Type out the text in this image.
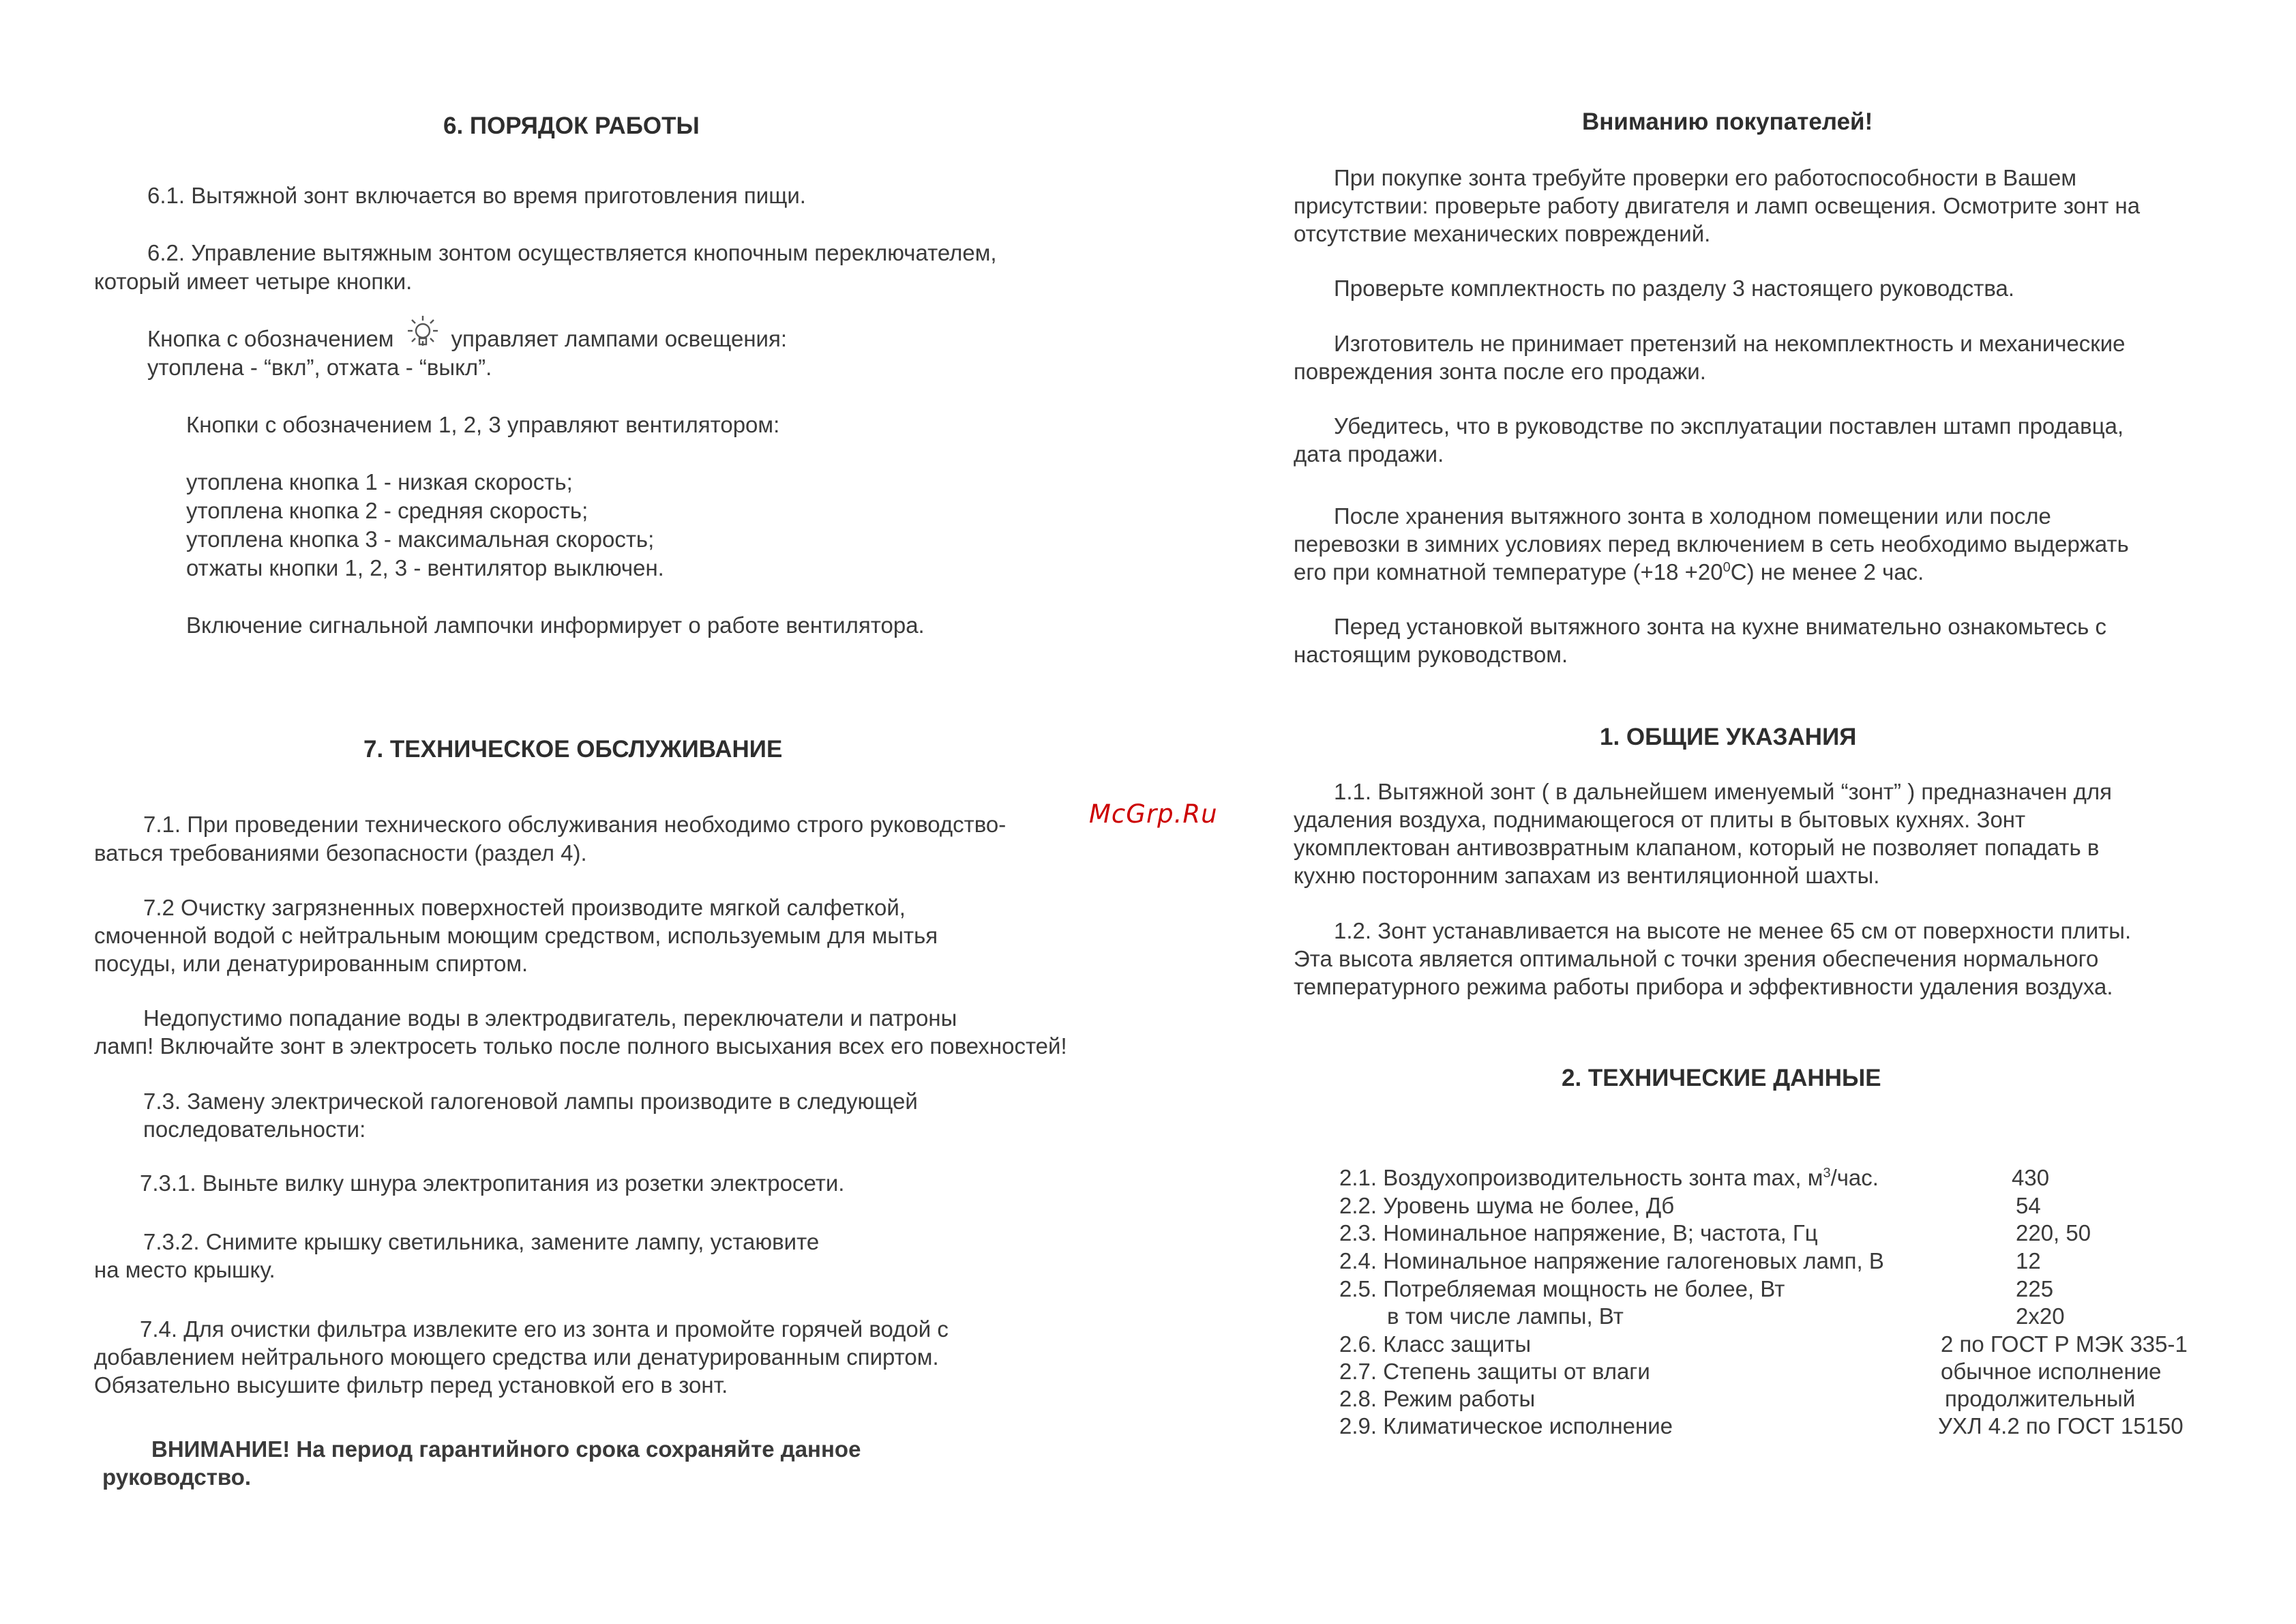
6. ПОРЯДОК РАБОТЫ
6.1. Вытяжной зонт включается во время приготовления пищи.
6.2. Управление вытяжным зонтом осуществляется кнопочным переключателем,
который имеет четыре кнопки.
Кнопка с обозначением	управляет лампами освещения:
утоплена - “вкл”, отжата - “выкл”.
Кнопки с обозначением 1, 2, 3 управляют вентилятором:
утоплена кнопка 1 - низкая скорость;
утоплена кнопка 2 - средняя скорость;
утоплена кнопка 3 - максимальная скорость;
отжаты кнопки 1, 2, 3 - вентилятор выключен.
Включение сигнальной лампочки информирует о работе вентилятора.
7. ТЕХНИЧЕСКОЕ ОБСЛУЖИВАНИЕ
7.1. При проведении технического обслуживания необходимо строго руководство-
ваться требованиями безопасности (раздел 4).
7.2 Очистку загрязненных поверхностей производите мягкой салфеткой,
смоченной водой с нейтральным моющим средством, используемым для мытья
посуды, или денатурированным спиртом.
Недопустимо попадание воды в электродвигатель, переключатели и патроны
ламп! Включайте зонт в электросеть только после полного высыхания всех его повехностей!
7.3. Замену электрической галогеновой лампы производите в следующей
последовательности:
7.3.1. Выньте вилку шнура электропитания из розетки электросети.
7.3.2. Снимите крышку светильника, замените лампу, устаювите
на место крышку.
7.4. Для очистки фильтра извлеките его из зонта и промойте горячей водой с
добавлением нейтрального моющего средства или денатурированным спиртом.
Обязательно высушите фильтр перед установкой его в зонт.
ВНИМАНИЕ! На период гарантийного срока сохраняйте данное
руководство.
McGrp.Ru
Вниманию покупателей!
При покупке зонта требуйте проверки его работоспособности в Вашем
присутствии: проверьте работу двигателя и ламп освещения. Осмотрите зонт на
отсутствие механических повреждений.
Проверьте комплектность по разделу 3 настоящего руководства.
Изготовитель не принимает претензий на некомплектность и механические
повреждения зонта после его продажи.
Убедитесь, что в руководстве по эксплуатации поставлен штамп продавца,
дата продажи.
После хранения вытяжного зонта в холодном помещении или после
перевозки в зимних условиях перед включением в сеть необходимо выдержать
его при комнатной температуре $(+18 +20^0С)$ не менее 2 час.
Перед установкой вытяжного зонта на кухне внимательно ознакомьтесь с
настоящим руководством.
1. ОБЩИЕ УКАЗАНИЯ
1.1. Вытяжной зонт ( в дальнейшем именуемый “зонт” ) предназначен для
удаления воздуха, поднимающегося от плиты в бытовых кухнях. Зонт
укомплектован антивозвратным клапаном, который не позволяет попадать в
кухню посторонним запахам из вентиляционной шахты.
1.2. Зонт устанавливается на высоте не менее 65 см от поверхности плиты.
Эта высота является оптимальной с точки зрения обеспечения нормального
температурного режима работы прибора и эффективности удаления воздуха.
2. ТЕХНИЧЕСКИЕ ДАННЫЕ
2.1. Воздухопроизводительность зонта max, $м^3$/час.	430
2.2. Уровень шума не более, Дб	54
2.3. Номинальное напряжение, В; частота, Гц	220, 50
2.4. Номинальное напряжение галогеновых ламп, В	12
2.5. Потребляемая мощность не более, Вт	225
в том числе лампы, Вт	2х20
2.6. Класс защиты	2 по ГОСТ Р МЭК 335-1
2.7. Степень защиты от влаги	обычное исполнение
2.8. Режим работы	продолжительный
2.9. Климатическое исполнение	УХЛ 4.2 по ГОСТ 15150
